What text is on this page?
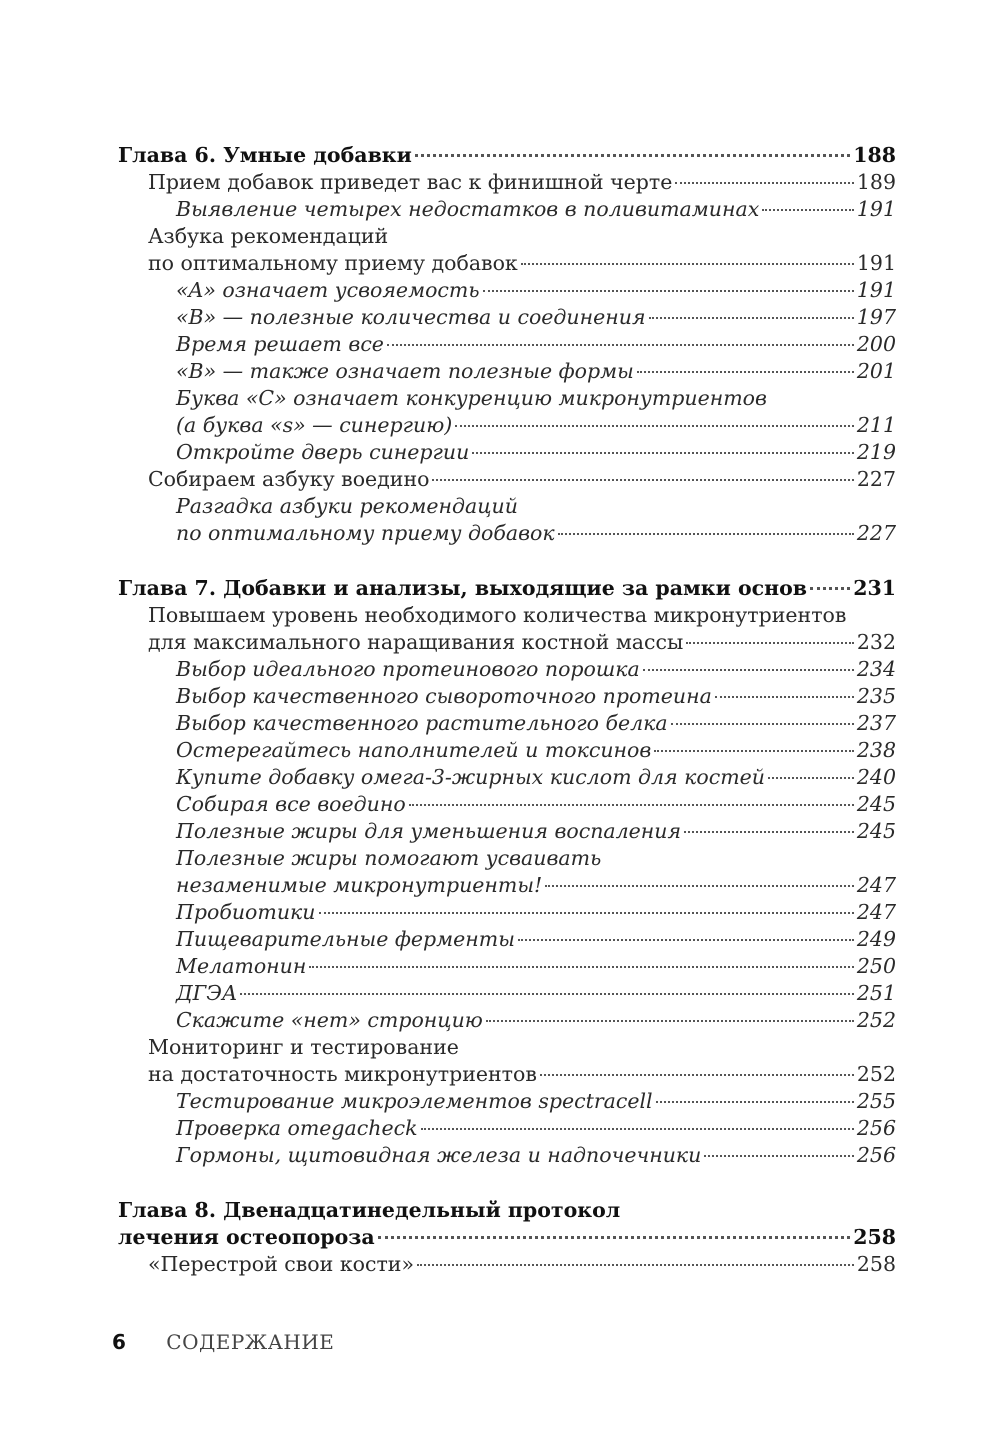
Глава 6. Умные добавки	188
Прием добавок приведет вас к финишной черте	189
Выявление четырех недостатков в поливитаминах	191
Азбука рекомендаций
по оптимальному приему добавок	191
«A» означает усвояемость	191
«B» — полезные количества и соединения	197
Время решает все	200
«B» — также означает полезные формы	201
Буква «C» означает конкуренцию микронутриентов
(а буква «s» — синергию)	211
Откройте дверь синергии	219
Собираем азбуку воедино	227
Разгадка азбуки рекомендаций
по оптимальному приему добавок	227
Глава 7. Добавки и анализы, выходящие за рамки основ 231
Повышаем уровень необходимого количества микронутриентов
для максимального наращивания костной массы	232
Выбор идеального протеинового порошка	234
Выбор качественного сывороточного протеина	235
Выбор качественного растительного белка	237
Остерегайтесь наполнителей и токсинов	238
Купите добавку омега-3-жирных кислот для костей	240
Собирая все воедино	245
Полезные жиры для уменьшения воспаления	245
Полезные жиры помогают усваивать
незаменимые микронутриенты!	247
Пробиотики	247
Пищеварительные ферменты	249
Мелатонин	250
ДГЭА	251
Скажите «нет» стронцию	252
Мониторинг и тестирование
на достаточность микронутриентов	252
Тестирование микроэлементов spectracell	255
Проверка omegacheck	256
Гормоны, щитовидная железа и надпочечники	256
Глава 8. Двенадцатинедельный протокол
лечения остеопороза	258
«Перестрой свои кости»	258
6 СОДЕРЖАНИЕ
